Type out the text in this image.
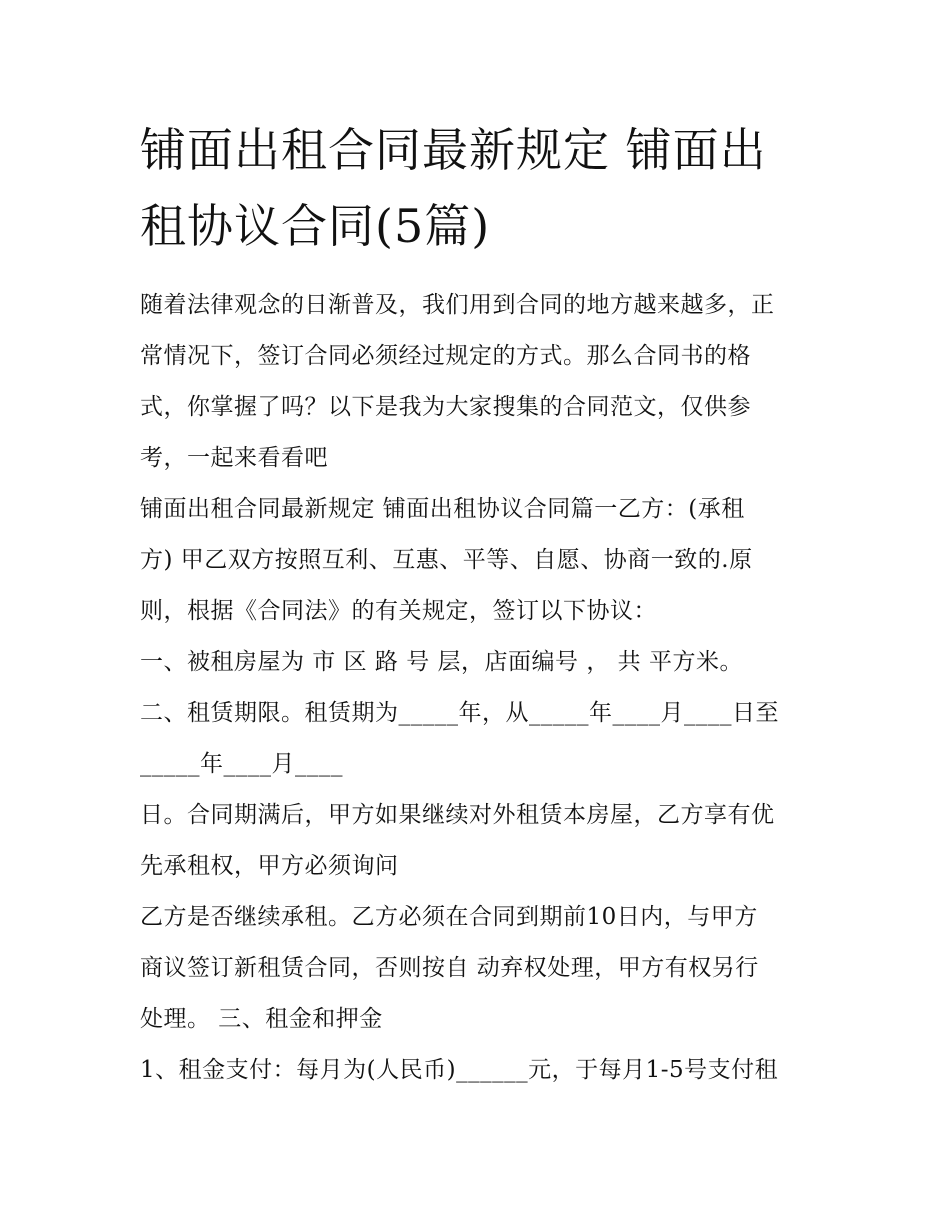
铺面出租合同最新规定 铺面出
租协议合同(5篇)
随着法律观念的日渐普及，我们用到合同的地方越来越多，正
常情况下，签订合同必须经过规定的方式。那么合同书的格
式，你掌握了吗？以下是我为大家搜集的合同范文，仅供参
考，一起来看看吧
铺面出租合同最新规定 铺面出租协议合同篇一乙方：(承租
方) 甲乙双方按照互利、互惠、平等、自愿、协商一致的.原
则，根据《合同法》的有关规定，签订以下协议：
一、被租房屋为 市 区 路 号 层，店面编号 ， 共 平方米。
二、租赁期限。租赁期为_____年，从_____年____月____日至
_____年____月____
日。合同期满后，甲方如果继续对外租赁本房屋，乙方享有优
先承租权，甲方必须询问
乙方是否继续承租。乙方必须在合同到期前10日内，与甲方
商议签订新租赁合同，否则按自 动弃权处理，甲方有权另行
处理。 三、租金和押金
1、租金支付：每月为(人民币)______元，于每月1-5号支付租
